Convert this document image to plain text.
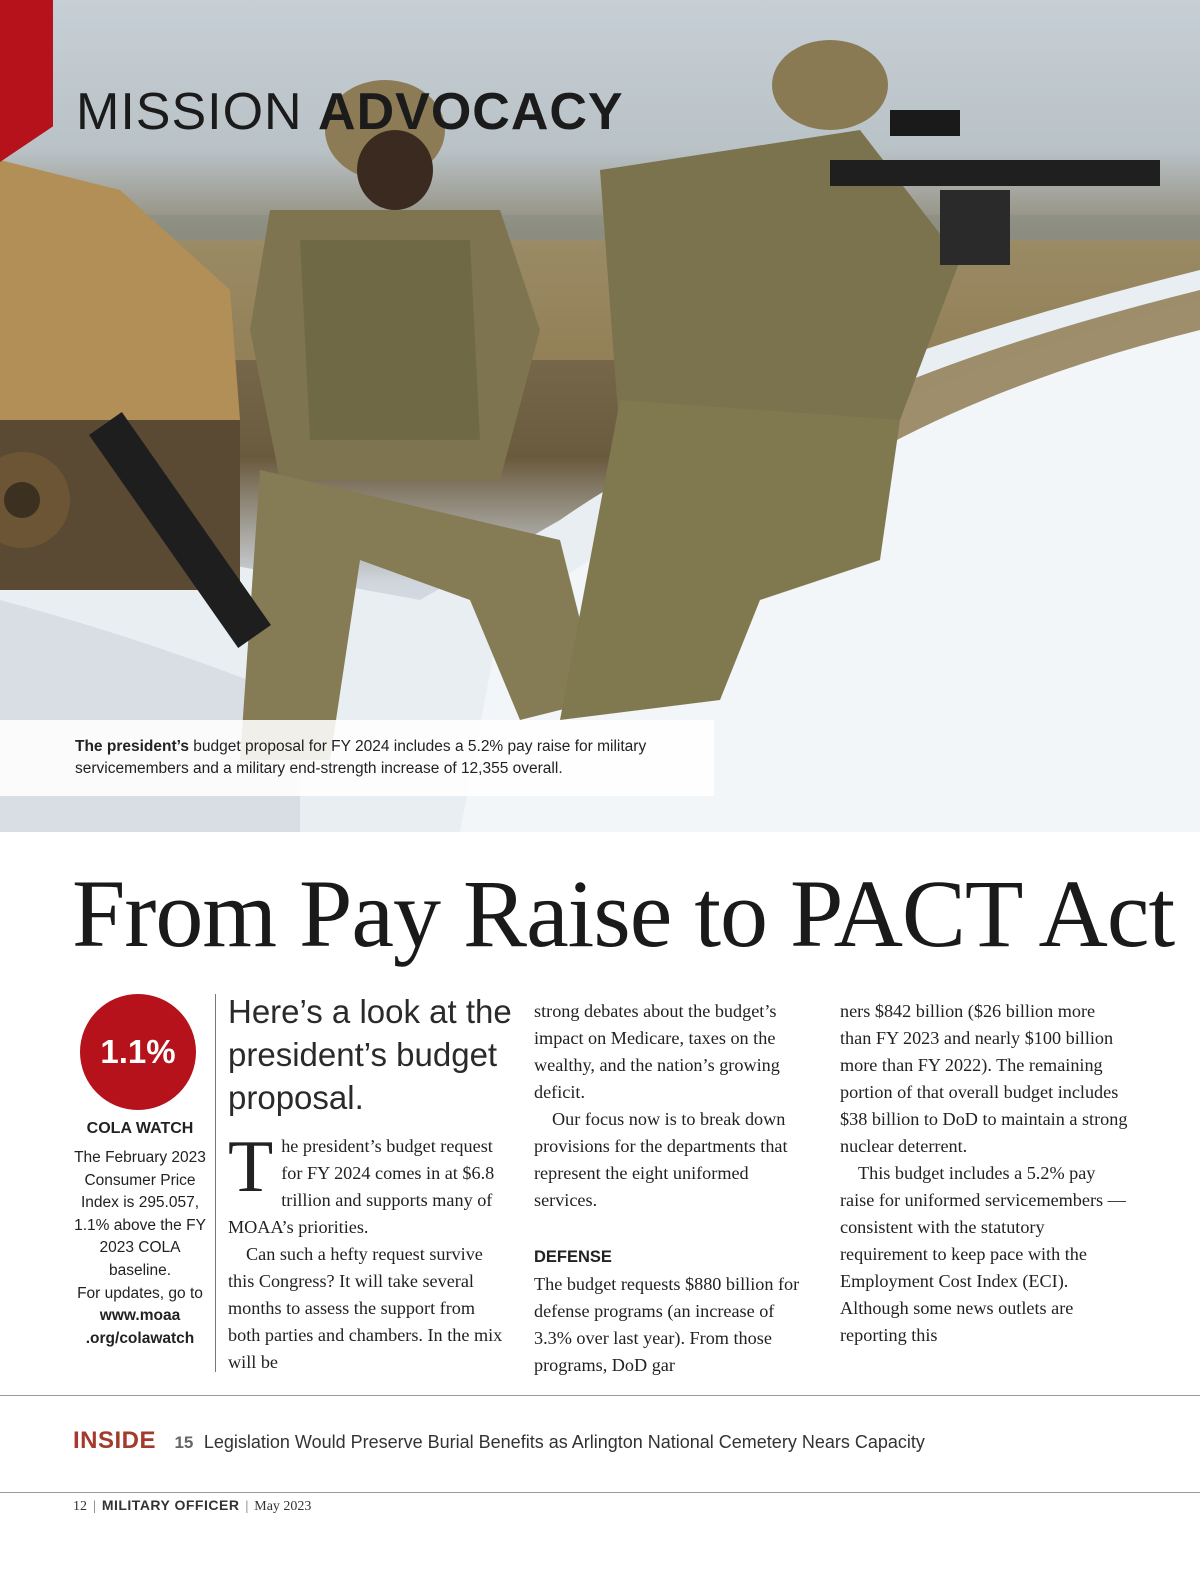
MISSION ADVOCACY
The president’s budget proposal for FY 2024 includes a 5.2% pay raise for military servicemembers and a military end-strength increase of 12,355 overall.
From Pay Raise to PACT Act
1.1%
COLA WATCH
The February 2023 Consumer Price Index is 295.057, 1.1% above the FY 2023 COLA baseline.
For updates, go to www.moaa .org/colawatch
Here’s a look at the president’s budget proposal.
T he president’s budget request for FY 2024 comes in at $6.8 trillion and supports many of MOAA’s priorities.

Can such a hefty request survive this Congress? It will take several months to assess the support from both parties and chambers. In the mix will be

strong debates about the budget’s impact on Medicare, taxes on the wealthy, and the nation’s growing deficit.

Our focus now is to break down provisions for the departments that represent the eight uniformed services.

DEFENSE

The budget requests $880 billion for defense programs (an increase of 3.3% over last year). From those programs, DoD gar

ners $842 billion ($26 billion more than FY 2023 and nearly $100 billion more than FY 2022). The remaining portion of that overall budget includes $38 billion to DoD to maintain a strong nuclear deterrent.

This budget includes a 5.2% pay raise for uniformed servicemembers — consistent with the statutory requirement to keep pace with the Employment Cost Index (ECI). Although some news outlets are reporting this

INSIDE 15 Legislation Would Preserve Burial Benefits as Arlington National Cemetery Nears Capacity
12 | MILITARY OFFICER | May 2023
